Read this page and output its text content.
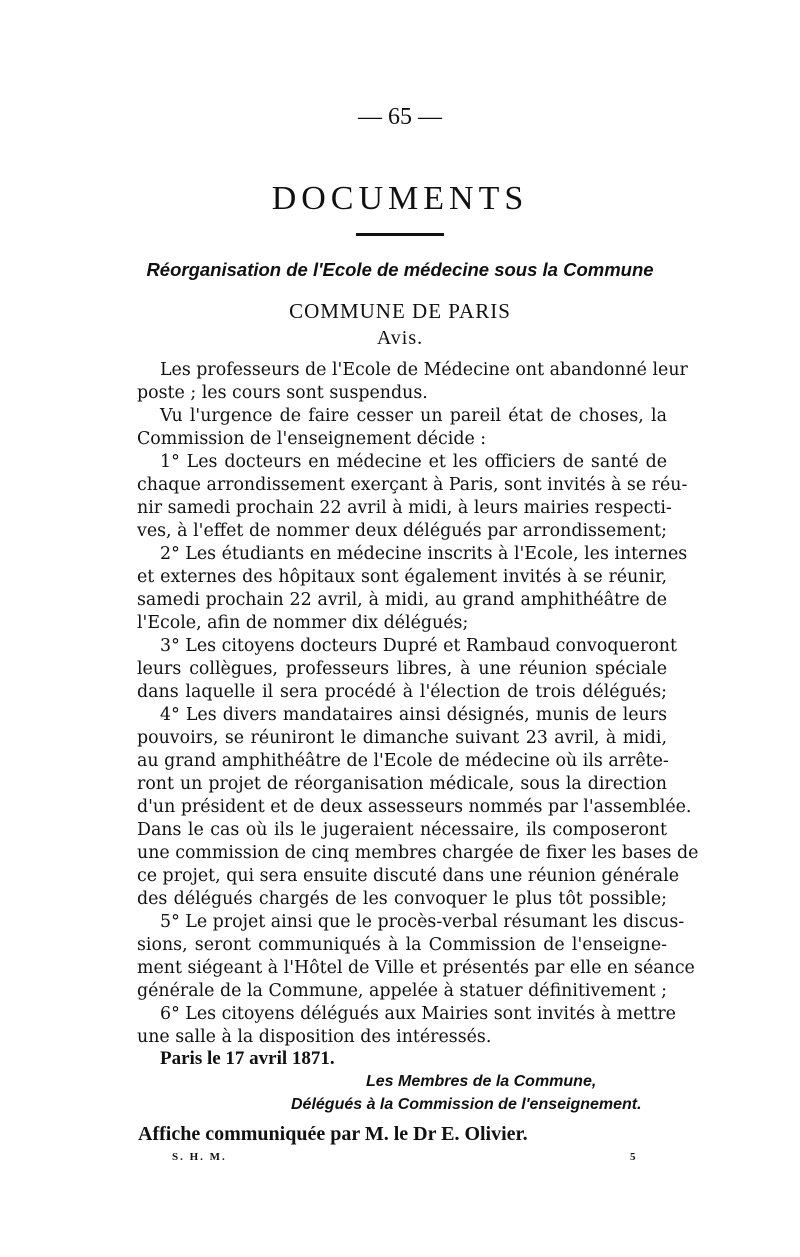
— 65 —
DOCUMENTS
Réorganisation de l'Ecole de médecine sous la Commune
COMMUNE DE PARIS
Avis.
Les professeurs de l'Ecole de Médecine ont abandonné leur
poste ; les cours sont suspendus.
Vu l'urgence de faire cesser un pareil état de choses, la
Commission de l'enseignement décide :
1° Les docteurs en médecine et les officiers de santé de
chaque arrondissement exerçant à Paris, sont invités à se réu-
nir samedi prochain 22 avril à midi, à leurs mairies respecti-
ves, à l'effet de nommer deux délégués par arrondissement;
2° Les étudiants en médecine inscrits à l'Ecole, les internes
et externes des hôpitaux sont également invités à se réunir,
samedi prochain 22 avril, à midi, au grand amphithéâtre de
l'Ecole, afin de nommer dix délégués;
3° Les citoyens docteurs Dupré et Rambaud convoqueront
leurs collègues, professeurs libres, à une réunion spéciale
dans laquelle il sera procédé à l'élection de trois délégués;
4° Les divers mandataires ainsi désignés, munis de leurs
pouvoirs, se réuniront le dimanche suivant 23 avril, à midi,
au grand amphithéâtre de l'Ecole de médecine où ils arrête-
ront un projet de réorganisation médicale, sous la direction
d'un président et de deux assesseurs nommés par l'assemblée.
Dans le cas où ils le jugeraient nécessaire, ils composeront
une commission de cinq membres chargée de fixer les bases de
ce projet, qui sera ensuite discuté dans une réunion générale
des délégués chargés de les convoquer le plus tôt possible;
5° Le projet ainsi que le procès-verbal résumant les discus-
sions, seront communiqués à la Commission de l'enseigne-
ment siégeant à l'Hôtel de Ville et présentés par elle en séance
générale de la Commune, appelée à statuer définitivement ;
6° Les citoyens délégués aux Mairies sont invités à mettre
une salle à la disposition des intéressés.
Paris le 17 avril 1871.
Les Membres de la Commune,
Délégués à la Commission de l'enseignement.
Affiche communiquée par M. le Dr E. Olivier.
S. H. M.	5
